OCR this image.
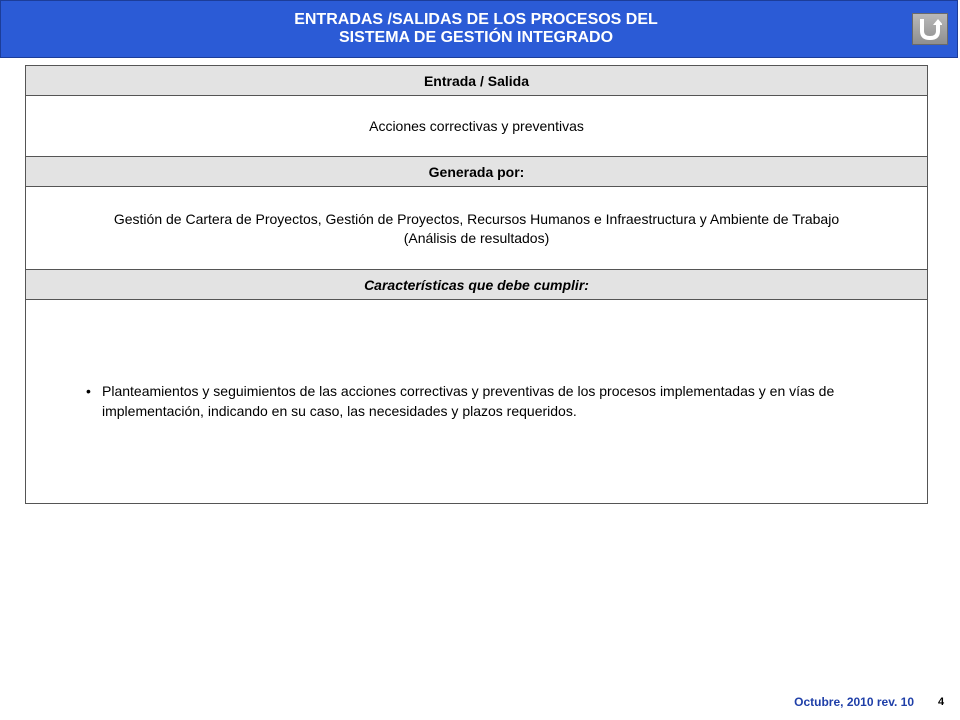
ENTRADAS /SALIDAS DE LOS PROCESOS DEL
SISTEMA DE GESTIÓN INTEGRADO
Entrada / Salida
Acciones correctivas y preventivas
Generada por:
Gestión de Cartera de Proyectos, Gestión de Proyectos, Recursos Humanos e Infraestructura y Ambiente de Trabajo
(Análisis de resultados)
Características que debe cumplir:
• Planteamientos y seguimientos de las acciones correctivas y preventivas de los procesos implementadas y en vías de implementación, indicando en su caso, las necesidades y plazos requeridos.
Octubre, 2010 rev. 10 4
